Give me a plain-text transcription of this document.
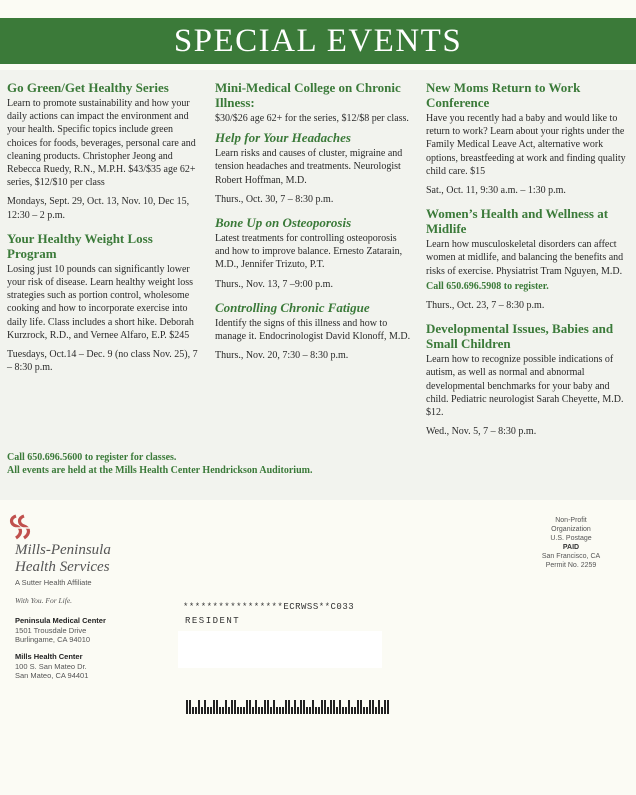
SPECIAL EVENTS
Go Green/Get Healthy Series
Learn to promote sustainability and how your daily actions can impact the environment and your health. Specific topics include green choices for foods, beverages, personal care and cleaning products. Christopher Jeong and Rebecca Ruedy, R.N., M.P.H. $43/$35 age 62+ series, $12/$10 per class
Mondays, Sept. 29, Oct. 13, Nov. 10, Dec 15, 12:30 – 2 p.m.
Your Healthy Weight Loss Program
Losing just 10 pounds can significantly lower your risk of disease. Learn healthy weight loss strategies such as portion control, wholesome cooking and how to incorporate exercise into daily life. Class includes a short hike. Deborah Kurzrock, R.D., and Vernee Alfaro, E.P. $245
Tuesdays, Oct.14 – Dec. 9 (no class Nov. 25), 7 – 8:30 p.m.
Mini-Medical College on Chronic Illness:
$30/$26 age 62+ for the series, $12/$8 per class.
Help for Your Headaches
Learn risks and causes of cluster, migraine and tension headaches and treatments. Neurologist Robert Hoffman, M.D.
Thurs., Oct. 30, 7 – 8:30 p.m.
Bone Up on Osteoporosis
Latest treatments for controlling osteoporosis and how to improve balance. Ernesto Zatarain, M.D., Jennifer Trizuto, P.T.
Thurs., Nov. 13, 7 –9:00 p.m.
Controlling Chronic Fatigue
Identify the signs of this illness and how to manage it. Endocrinologist David Klonoff, M.D.
Thurs., Nov. 20, 7:30 – 8:30 p.m.
New Moms Return to Work Conference
Have you recently had a baby and would like to return to work? Learn about your rights under the Family Medical Leave Act, alternative work options, breastfeeding at work and finding quality child care. $15
Sat., Oct. 11, 9:30 a.m. – 1:30 p.m.
Women’s Health and Wellness at Midlife
Learn how musculoskeletal disorders can affect women at midlife, and balancing the benefits and risks of exercise. Physiatrist Tram Nguyen, M.D.
Call 650.696.5908 to register.
Thurs., Oct. 23, 7 – 8:30 p.m.
Developmental Issues, Babies and Small Children
Learn how to recognize possible indications of autism, as well as normal and abnormal developmental benchmarks for your baby and child. Pediatric neurologist Sarah Cheyette, M.D. $12.
Wed., Nov. 5, 7 – 8:30 p.m.
Call 650.696.5600 to register for classes.
All events are held at the Mills Health Center Hendrickson Auditorium.
Mills-Peninsula
Health Services
A Sutter Health Affiliate
With You. For Life.
Peninsula Medical Center
1501 Trousdale Drive
Burlingame, CA 94010
Mills Health Center
100 S. San Mateo Dr.
San Mateo, CA 94401
Non-Profit
Organization
U.S. Postage
PAID
San Francisco, CA
Permit No. 2259
*****************ECRWSS**C033
RESIDENT
